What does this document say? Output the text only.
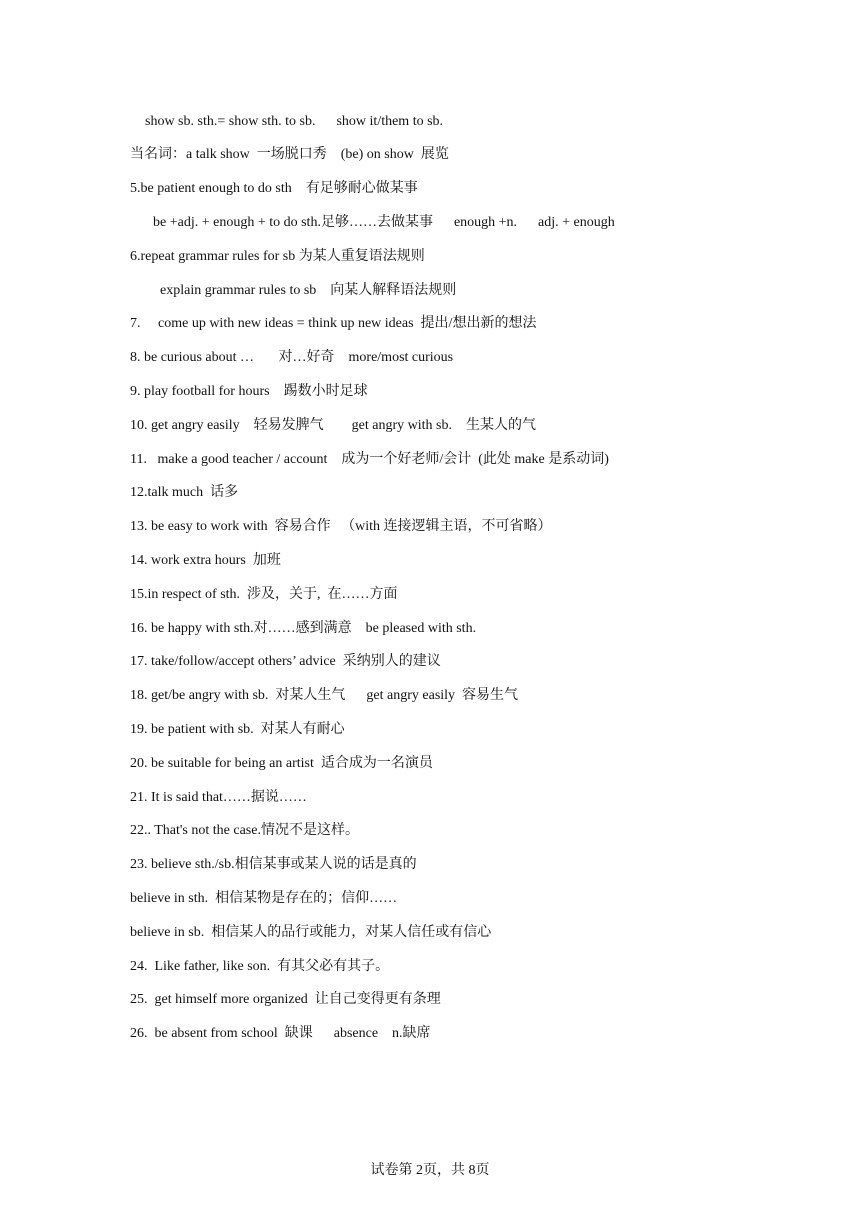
show sb. sth.= show sth. to sb.      show it/them to sb.
当名词：a talk show  一场脱口秀    (be) on show  展览
5.be patient enough to do sth    有足够耐心做某事
be +adj. + enough + to do sth.足够……去做某事      enough +n.      adj. + enough
6.repeat grammar rules for sb 为某人重复语法规则
explain grammar rules to sb    向某人解释语法规则
7.     come up with new ideas = think up new ideas  提出/想出新的想法
8. be curious about …       对…好奇    more/most curious
9. play football for hours    踢数小时足球
10. get angry easily    轻易发脾气        get angry with sb.    生某人的气
11.   make a good teacher / account    成为一个好老师/会计  (此处 make 是系动词)
12.talk much  话多
13. be easy to work with  容易合作   （with 连接逻辑主语，不可省略）
14. work extra hours  加班
15.in respect of sth.  涉及，关于,  在……方面
16. be happy with sth.对……感到满意    be pleased with sth.
17. take/follow/accept others’ advice  采纳别人的建议
18. get/be angry with sb.  对某人生气      get angry easily  容易生气
19. be patient with sb.  对某人有耐心
20. be suitable for being an artist  适合成为一名演员
21. It is said that……据说……
22.. That's not the case.情况不是这样。
23. believe sth./sb.相信某事或某人说的话是真的
believe in sth.  相信某物是存在的；信仰……
believe in sb.  相信某人的品行或能力，对某人信任或有信心
24.  Like father, like son.  有其父必有其子。
25.  get himself more organized  让自己变得更有条理
26.  be absent from school  缺课      absence    n.缺席
试卷第 2页，共 8页
